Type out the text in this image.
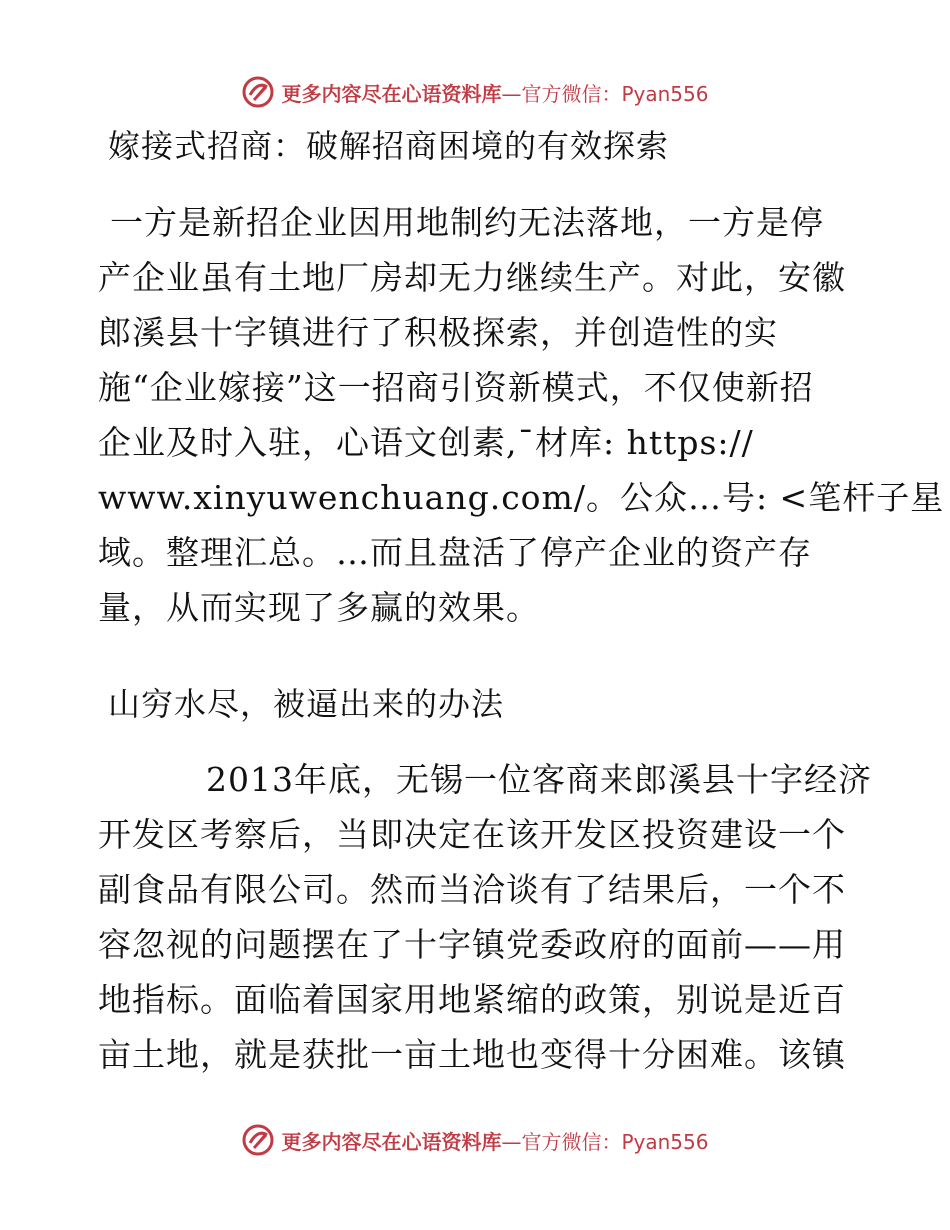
更多内容尽在心语资料库 —官方微信：Pyan556
嫁接式招商：破解招商困境的有效探索
一方是新招企业因用地制约无法落地，一方是停
产企业虽有土地厂房却无力继续生产。对此，安徽
郎溪县十字镇进行了积极探索，并创造性的实
施“企业嫁接”这一招商引资新模式，不仅使新招
企业及时入驻，心语文创素,¯材库: https://
www.xinyuwenchuang.com/。公众…号: <笔杆子星
域。整理汇总。…而且盘活了停产企业的资产存
量，从而实现了多赢的效果。
山穷水尽，被逼出来的办法
2013年底，无锡一位客商来郎溪县十字经济
开发区考察后，当即决定在该开发区投资建设一个
副食品有限公司。然而当洽谈有了结果后，一个不
容忽视的问题摆在了十字镇党委政府的面前——用
地指标。面临着国家用地紧缩的政策，别说是近百
亩土地，就是获批一亩土地也变得十分困难。该镇
更多内容尽在心语资料库 —官方微信：Pyan556
